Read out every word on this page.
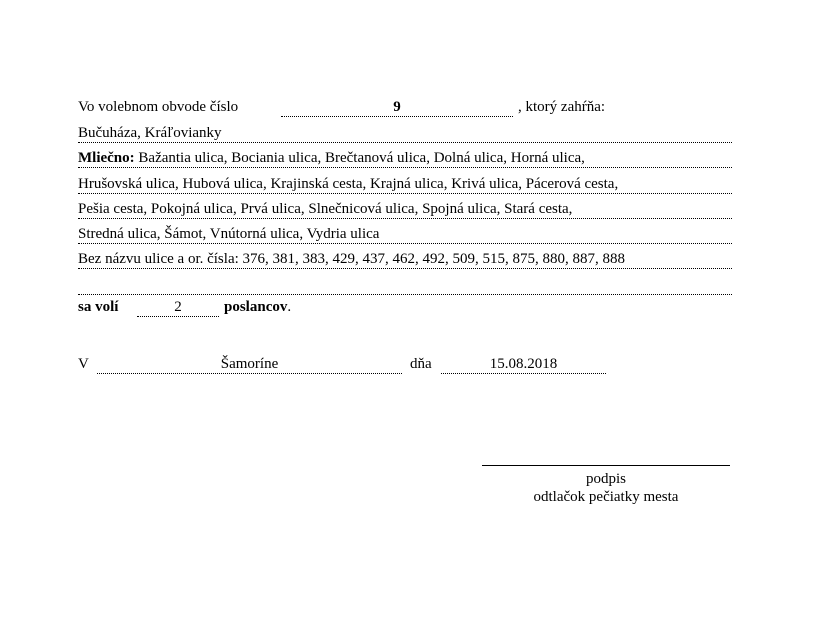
Vo volebnom obvode číslo	9	, ktorý zahŕňa:
Bučuháza, Kráľovianky
Mliečno: Bažantia ulica, Bociania ulica, Brečtanová ulica, Dolná ulica, Horná ulica,
Hrušovská ulica, Hubová ulica, Krajinská cesta, Krajná ulica, Krivá ulica, Pácerová cesta,
Pešia cesta, Pokojná ulica, Prvá ulica, Slnečnicová ulica, Spojná ulica, Stará cesta,
Stredná ulica, Šámot, Vnútorná ulica, Vydria ulica
Bez názvu ulice a or. čísla: 376, 381, 383, 429, 437, 462, 492, 509, 515, 875, 880, 887, 888
sa volí	2	poslancov.
V	Šamoríne	dňa	15.08.2018
podpis
odtlačok pečiatky mesta
